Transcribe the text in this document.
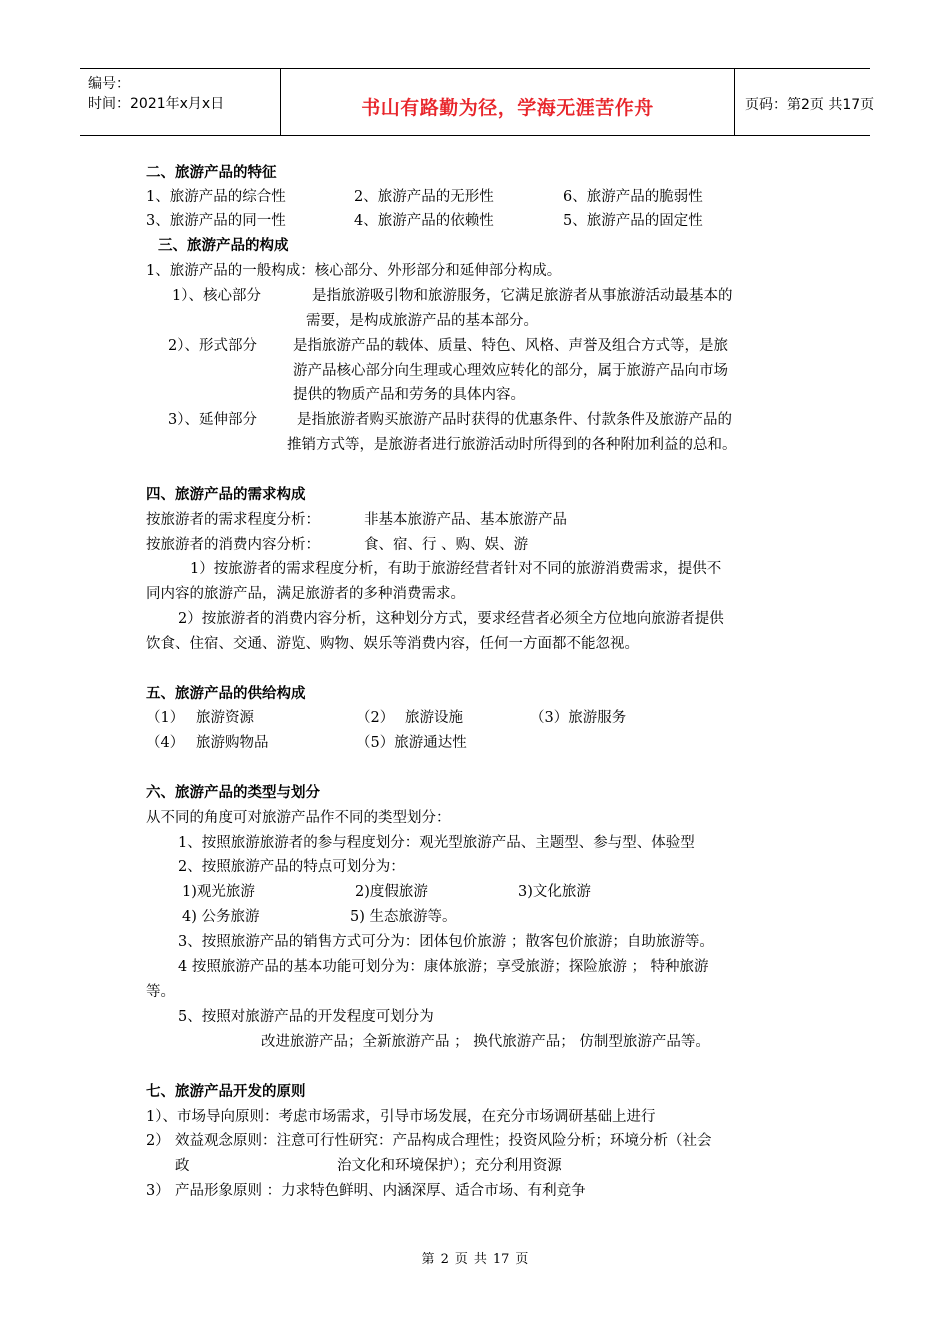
编号：
时间：2021年x月x日	书山有路勤为径，学海无涯苦作舟	页码：第2页 共17页
二、旅游产品的特征
1、旅游产品的综合性	2、旅游产品的无形性	6、旅游产品的脆弱性
3、旅游产品的同一性	4、旅游产品的依赖性	5、旅游产品的固定性
三、旅游产品的构成
1、旅游产品的一般构成：核心部分、外形部分和延伸部分构成。
1）、核心部分	是指旅游吸引物和旅游服务，它满足旅游者从事旅游活动最基本的
需要，是构成旅游产品的基本部分。
2）、形式部分 是指旅游产品的载体、质量、特色、风格、声誉及组合方式等，是旅
游产品核心部分向生理或心理效应转化的部分，属于旅游产品向市场
提供的物质产品和劳务的具体内容。
3）、延伸部分	是指旅游者购买旅游产品时获得的优惠条件、付款条件及旅游产品的
推销方式等，是旅游者进行旅游活动时所得到的各种附加利益的总和。
四、旅游产品的需求构成
按旅游者的需求程度分析：	非基本旅游产品、基本旅游产品
按旅游者的消费内容分析：	食、宿、行 、购、娱、游
1）按旅游者的需求程度分析，有助于旅游经营者针对不同的旅游消费需求，提供不
同内容的旅游产品，满足旅游者的多种消费需求。
2）按旅游者的消费内容分析，这种划分方式，要求经营者必须全方位地向旅游者提供
饮食、住宿、交通、游览、购物、娱乐等消费内容，任何一方面都不能忽视。
五、旅游产品的供给构成
（1） 旅游资源	（2） 旅游设施	（3）旅游服务
（4） 旅游购物品	（5）旅游通达性
六、旅游产品的类型与划分
从不同的角度可对旅游产品作不同的类型划分：
1、按照旅游旅游者的参与程度划分：观光型旅游产品、主题型、参与型、体验型
2、按照旅游产品的特点可划分为：
1)观光旅游	2)度假旅游	3)文化旅游
4) 公务旅游	5) 生态旅游等。
3、按照旅游产品的销售方式可分为：团体包价旅游 ；散客包价旅游；自助旅游等。
4 按照旅游产品的基本功能可划分为：康体旅游；享受旅游；探险旅游 ； 特种旅游
等。
5、按照对旅游产品的开发程度可划分为
改进旅游产品；全新旅游产品 ； 换代旅游产品； 仿制型旅游产品等。
七、旅游产品开发的原则
1）、市场导向原则：考虑市场需求，引导市场发展，在充分市场调研基础上进行
2） 效益观念原则：注意可行性研究：产品构成合理性；投资风险分析；环境分析（社会
政	治文化和环境保护）；充分利用资源
3） 产品形象原则 ：力求特色鲜明、内涵深厚、适合市场、有利竞争
第 2 页 共 17 页
